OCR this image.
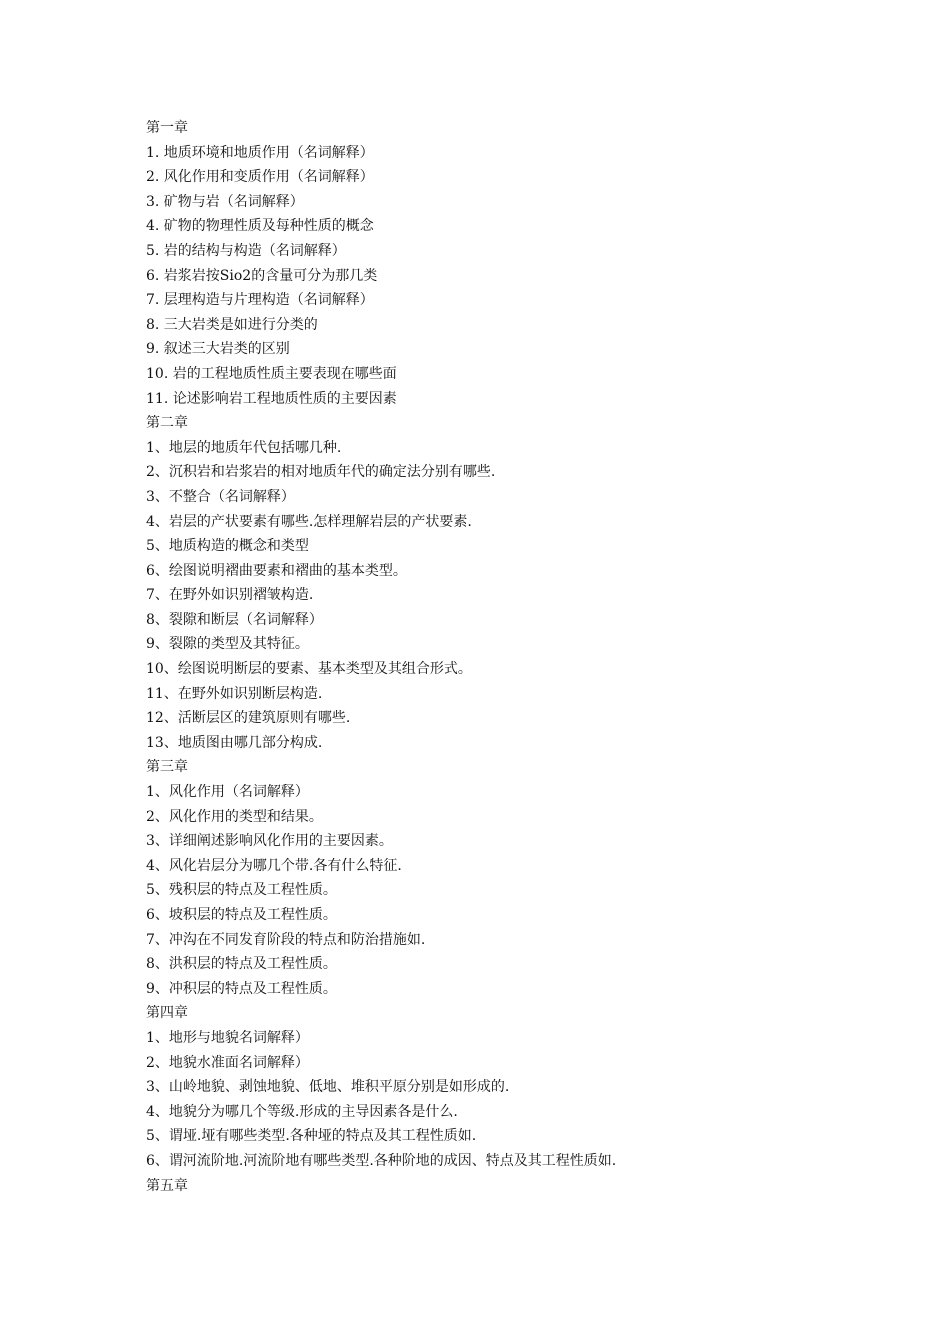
第一章
1. 地质环境和地质作用（名词解释）
2. 风化作用和变质作用（名词解释）
3. 矿物与岩（名词解释）
4. 矿物的物理性质及每种性质的概念
5. 岩的结构与构造（名词解释）
6. 岩浆岩按Sio2的含量可分为那几类
7. 层理构造与片理构造（名词解释）
8. 三大岩类是如进行分类的
9. 叙述三大岩类的区别
10. 岩的工程地质性质主要表现在哪些面
11. 论述影响岩工程地质性质的主要因素
第二章
1、地层的地质年代包括哪几种.
2、沉积岩和岩浆岩的相对地质年代的确定法分别有哪些.
3、不整合（名词解释）
4、岩层的产状要素有哪些.怎样理解岩层的产状要素.
5、地质构造的概念和类型
6、绘图说明褶曲要素和褶曲的基本类型。
7、在野外如识别褶皱构造.
8、裂隙和断层（名词解释）
9、裂隙的类型及其特征。
10、绘图说明断层的要素、基本类型及其组合形式。
11、在野外如识别断层构造.
12、活断层区的建筑原则有哪些.
13、地质图由哪几部分构成.
第三章
1、风化作用（名词解释）
2、风化作用的类型和结果。
3、详细阐述影响风化作用的主要因素。
4、风化岩层分为哪几个带.各有什么特征.
5、残积层的特点及工程性质。
6、坡积层的特点及工程性质。
7、冲沟在不同发育阶段的特点和防治措施如.
8、洪积层的特点及工程性质。
9、冲积层的特点及工程性质。
第四章
1、地形与地貌名词解释）
2、地貌水准面名词解释）
3、山岭地貌、剥蚀地貌、低地、堆积平原分别是如形成的.
4、地貌分为哪几个等级.形成的主导因素各是什么.
5、谓垭.垭有哪些类型.各种垭的特点及其工程性质如.
6、谓河流阶地.河流阶地有哪些类型.各种阶地的成因、特点及其工程性质如.
第五章
